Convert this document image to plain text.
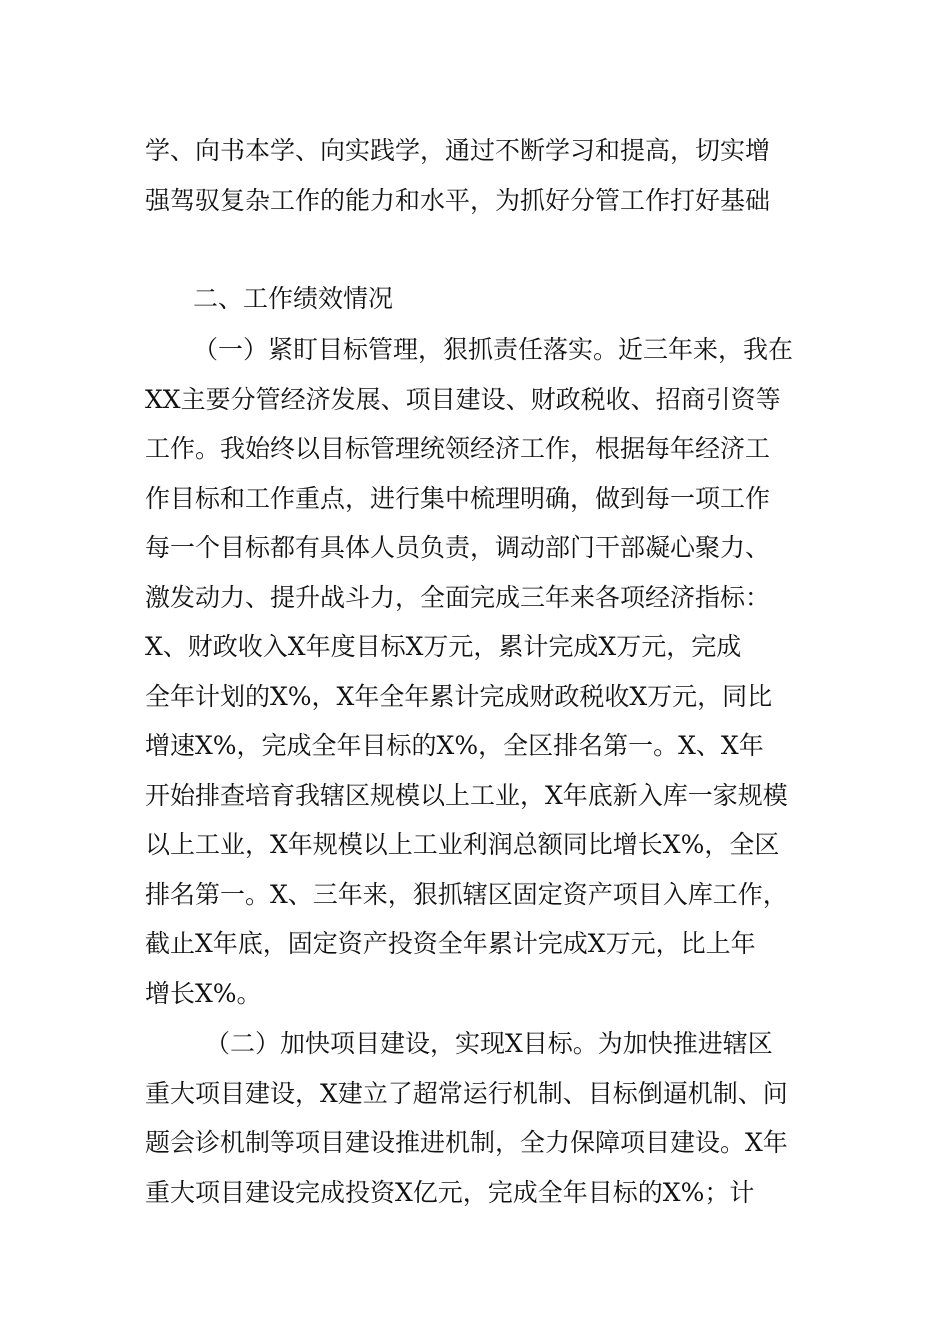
学、向书本学、向实践学，通过不断学习和提高，切实增
强驾驭复杂工作的能力和水平，为抓好分管工作打好基础
二、工作绩效情况
（一）紧盯目标管理，狠抓责任落实。近三年来，我在
XX主要分管经济发展、项目建设、财政税收、招商引资等
工作。我始终以目标管理统领经济工作，根据每年经济工
作目标和工作重点，进行集中梳理明确，做到每一项工作
每一个目标都有具体人员负责，调动部门干部凝心聚力、
激发动力、提升战斗力，全面完成三年来各项经济指标：
X、财政收入X年度目标X万元，累计完成X万元，完成
全年计划的X%，X年全年累计完成财政税收X万元，同比
增速X%，完成全年目标的X%，全区排名第一。X、X年
开始排查培育我辖区规模以上工业，X年底新入库一家规模
以上工业，X年规模以上工业利润总额同比增长X%，全区
排名第一。X、三年来，狠抓辖区固定资产项目入库工作，
截止X年底，固定资产投资全年累计完成X万元，比上年
增长X%。
（二）加快项目建设，实现X目标。为加快推进辖区
重大项目建设，X建立了超常运行机制、目标倒逼机制、问
题会诊机制等项目建设推进机制，全力保障项目建设。X年
重大项目建设完成投资X亿元，完成全年目标的X%；计
